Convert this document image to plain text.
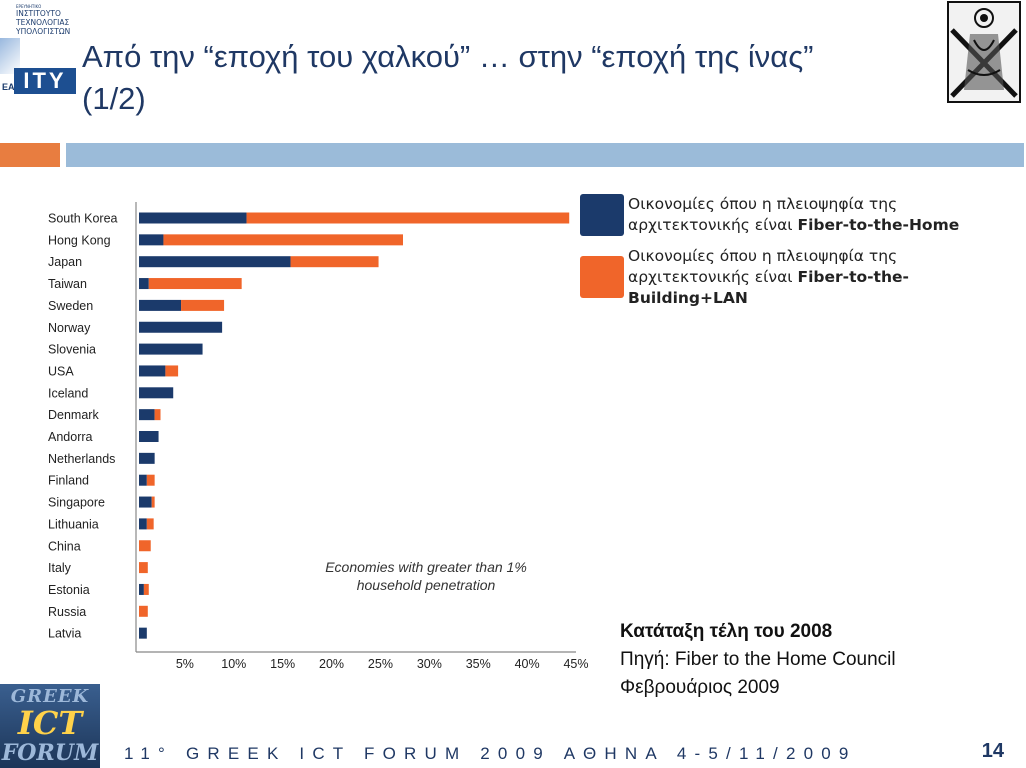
ΕΡΕΥΝΗΤΙΚΟ
ΙΝΣΤΙΤΟΥΤΟ
ΤΕΧΝΟΛΟΓΙΑΣ
ΥΠΟΛΟΓΙΣΤΩΝ
ITY
ΕΑ
Από την “εποχή του χαλκού” … στην “εποχή της ίνας”
(1/2)
South Korea
Hong Kong
Japan
Taiwan
Sweden
Norway
Slovenia
USA
Iceland
Denmark
Andorra
Netherlands
Finland
Singapore
Lithuania
China
Italy
Estonia
Russia
Latvia
5% 10% 15% 20% 25% 30% 35% 40% 45%
Economies with greater than 1%
household penetration
Οικονομίες όπου η πλειοψηφία της
αρχιτεκτονικής είναι Fiber-to-the-Home
Οικονομίες όπου η πλειοψηφία της
αρχιτεκτονικής είναι Fiber-to-the-
Building+LAN
Κατάταξη τέλη του 2008
Πηγή: Fiber to the Home Council
Φεβρουάριος 2009
GREEK
ICT
FORUM 11° GREEK ICT FORUM 2009 ΑΘΗΝΑ 4-5/11/2009	14
